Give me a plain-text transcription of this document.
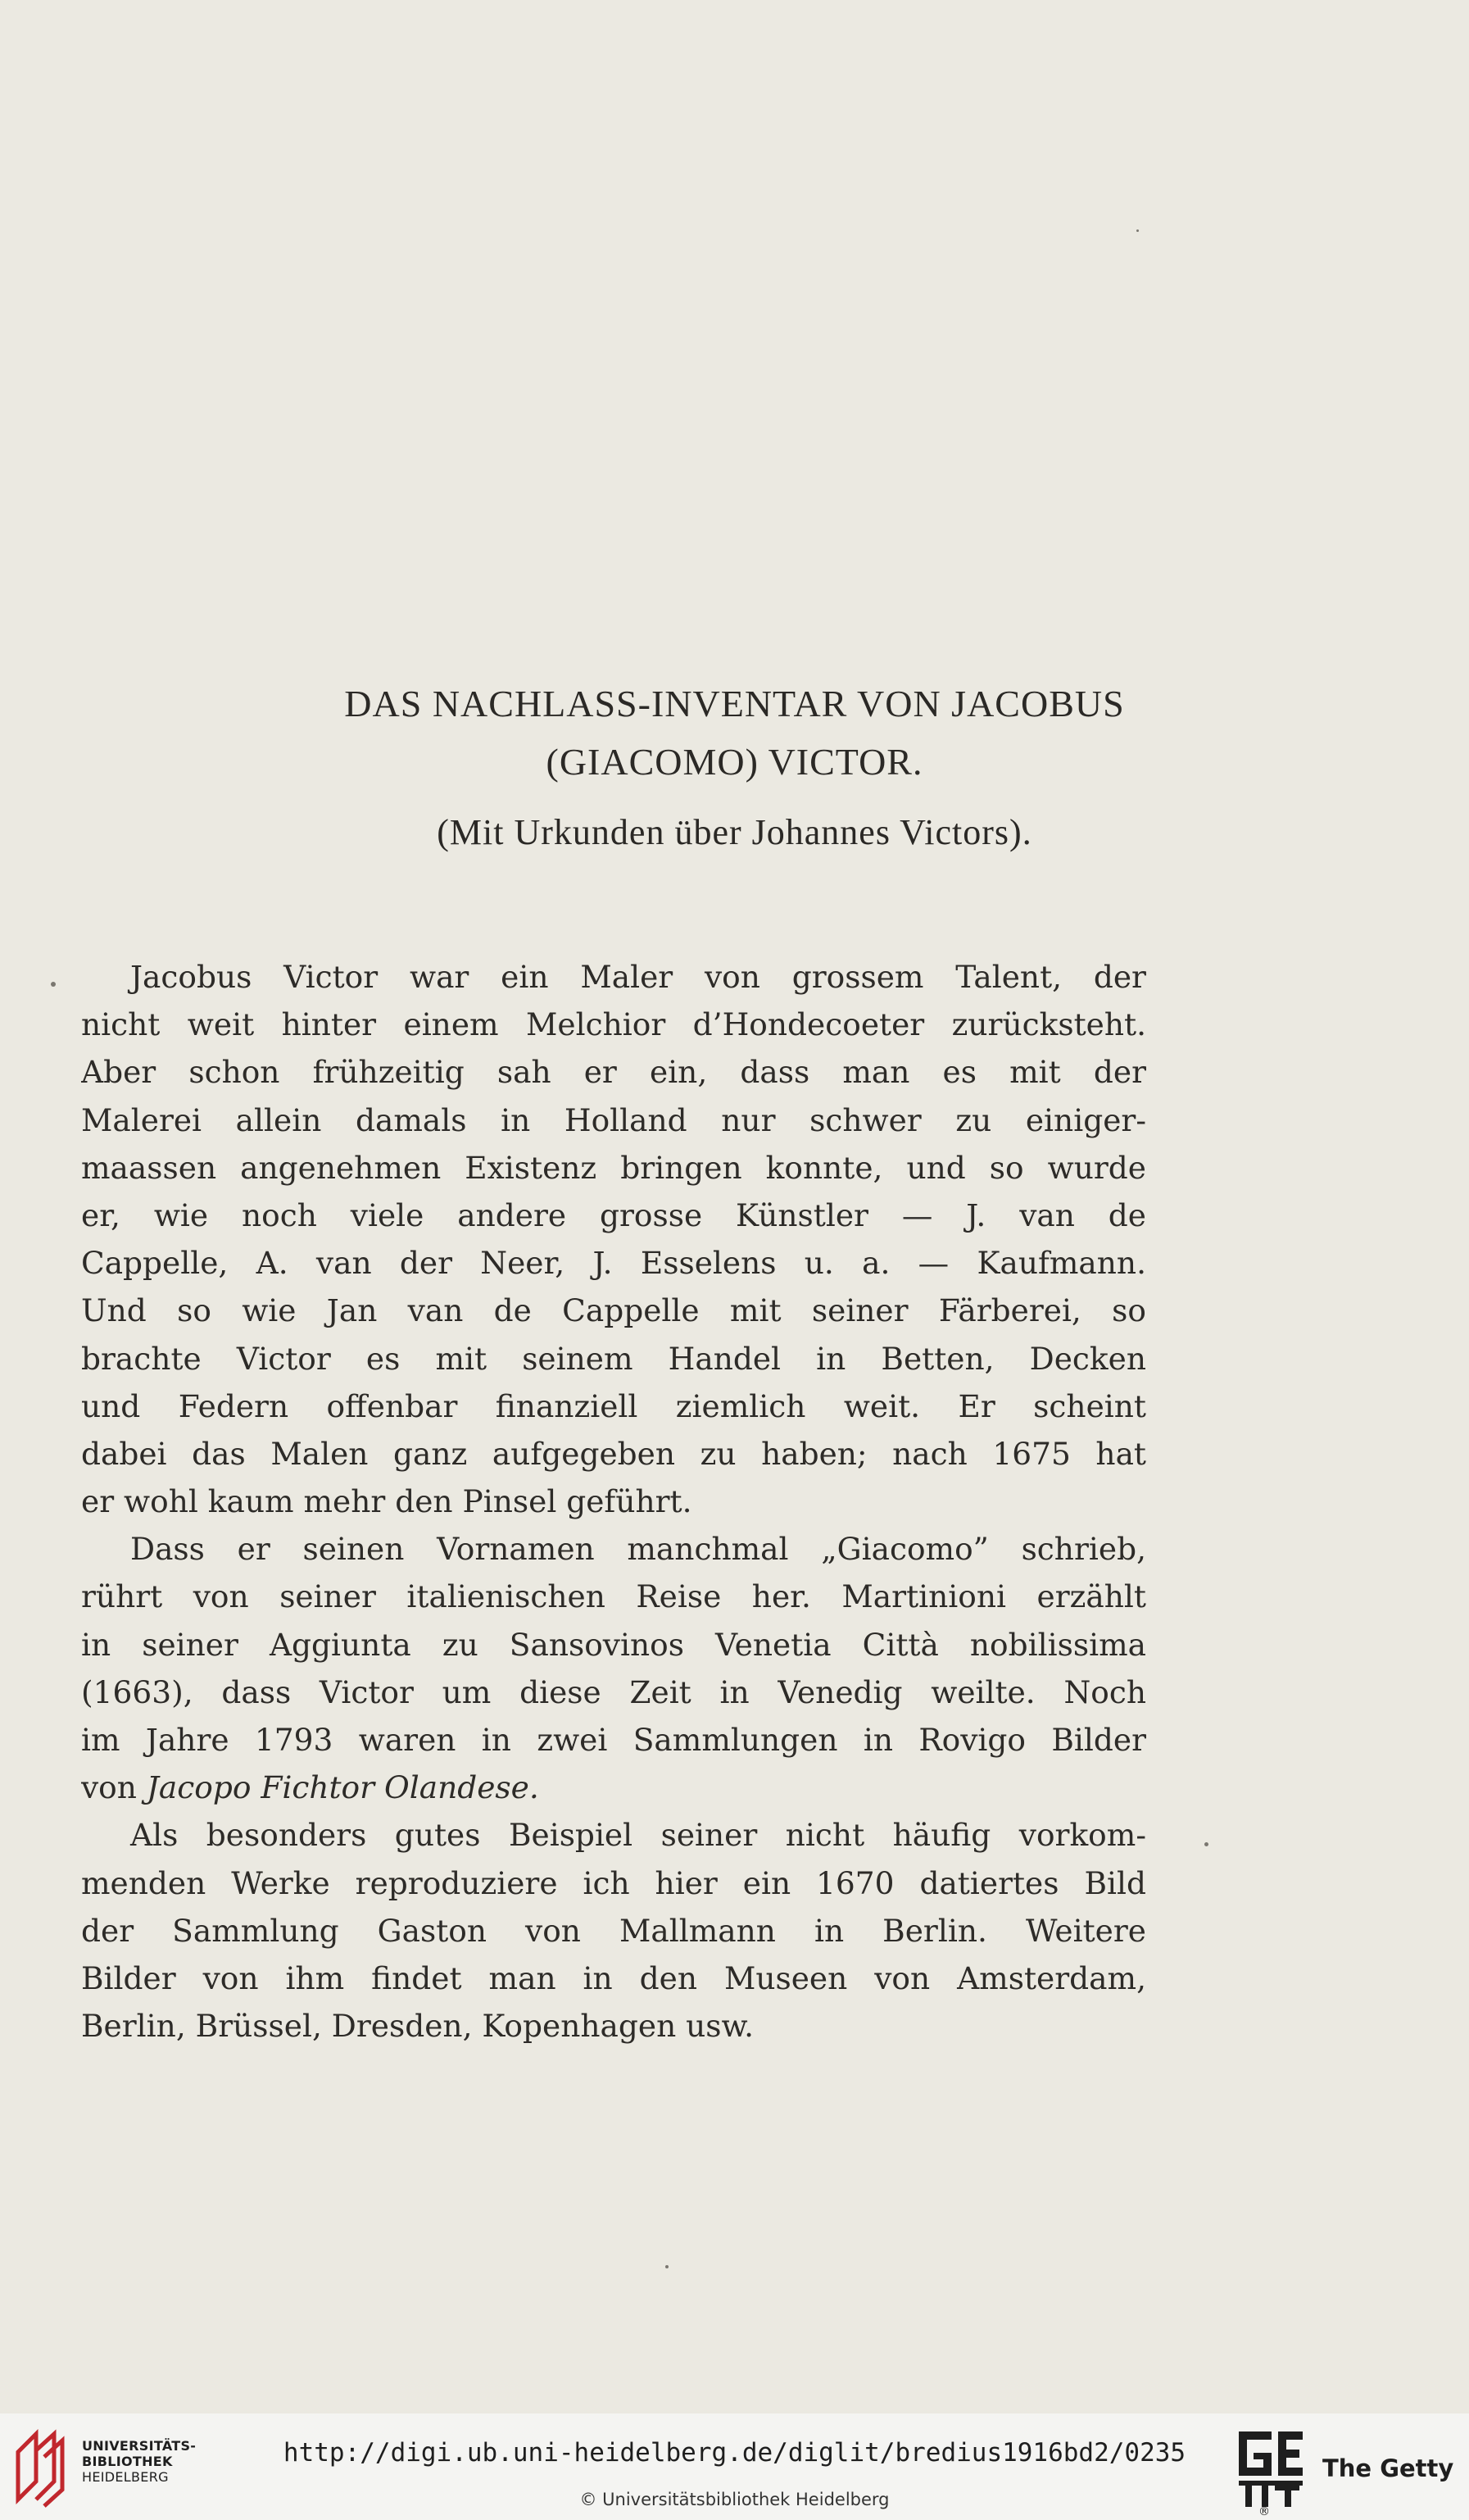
DAS NACHLASS-INVENTAR VON JACOBUS
(GIACOMO) VICTOR.
(Mit Urkunden über Johannes Victors).
Jacobus Victor war ein Maler von grossem Talent, der
nicht weit hinter einem Melchior d’Hondecoeter zurücksteht.
Aber schon frühzeitig sah er ein, dass man es mit der
Malerei allein damals in Holland nur schwer zu einiger-
maassen angenehmen Existenz bringen konnte, und so wurde
er, wie noch viele andere grosse Künstler — J. van de
Cappelle, A. van der Neer, J. Esselens u. a. — Kaufmann.
Und so wie Jan van de Cappelle mit seiner Färberei, so
brachte Victor es mit seinem Handel in Betten, Decken
und Federn offenbar finanziell ziemlich weit. Er scheint
dabei das Malen ganz aufgegeben zu haben; nach 1675 hat
er wohl kaum mehr den Pinsel geführt.
Dass er seinen Vornamen manchmal „Giacomo” schrieb,
rührt von seiner italienischen Reise her. Martinioni erzählt
in seiner Aggiunta zu Sansovinos Venetia Città nobilissima
(1663), dass Victor um diese Zeit in Venedig weilte. Noch
im Jahre 1793 waren in zwei Sammlungen in Rovigo Bilder
von Jacopo Fichtor Olandese.
Als besonders gutes Beispiel seiner nicht häufig vorkom-
menden Werke reproduziere ich hier ein 1670 datiertes Bild
der Sammlung Gaston von Mallmann in Berlin. Weitere
Bilder von ihm findet man in den Museen von Amsterdam,
Berlin, Brüssel, Dresden, Kopenhagen usw.
UNIVERSITÄTS-
BIBLIOTHEK
HEIDELBERG
http://digi.ub.uni-heidelberg.de/diglit/bredius1916bd2/0235
© Universitätsbibliothek Heidelberg
®
The Getty
